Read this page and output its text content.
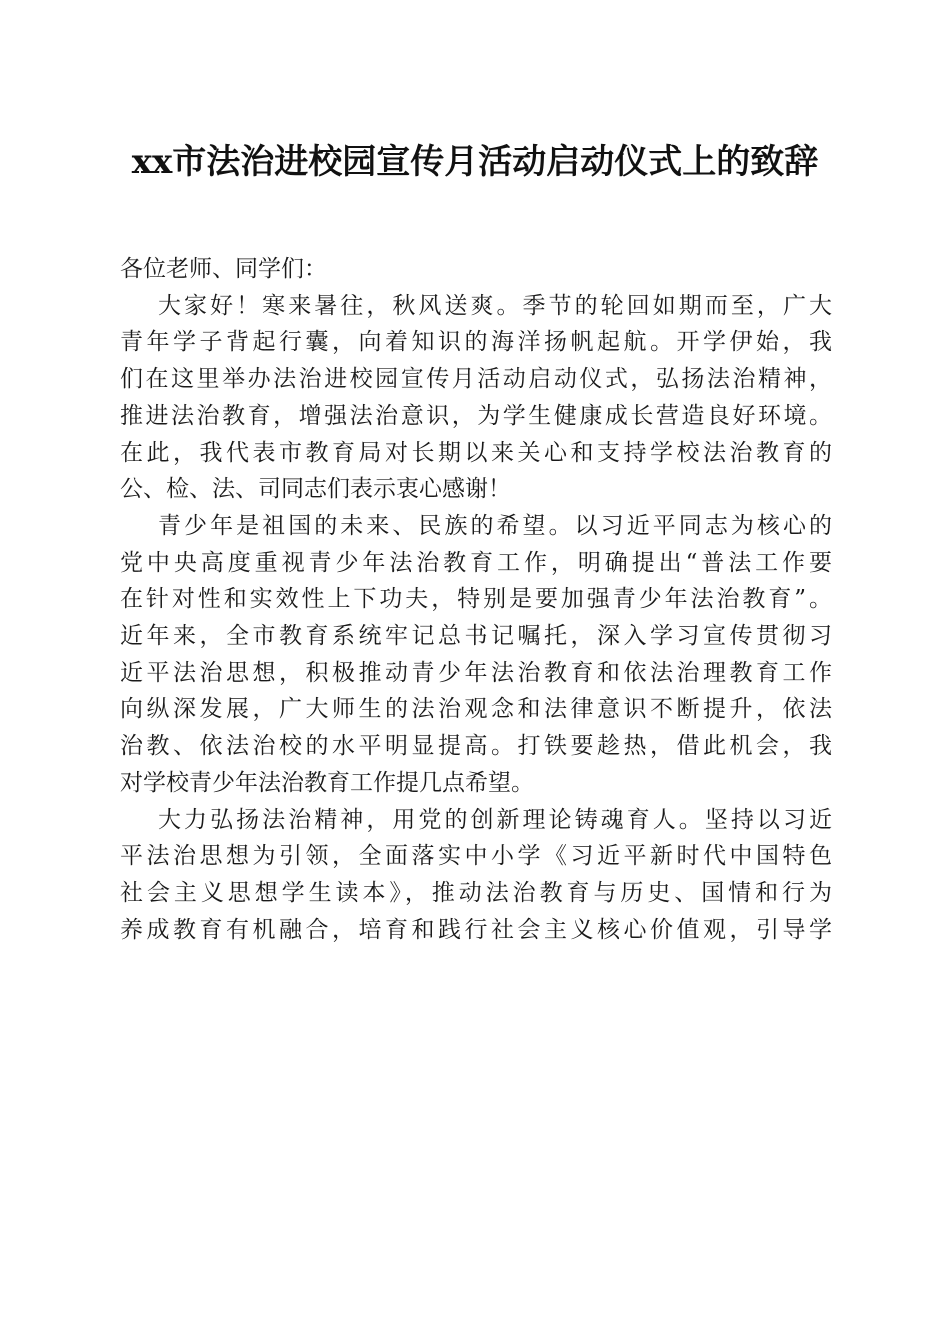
xx市法治进校园宣传月活动启动仪式上的致辞
各位老师、同学们：
大家好！寒来暑往，秋风送爽。季节的轮回如期而至，广大
青年学子背起行囊，向着知识的海洋扬帆起航。开学伊始，我
们在这里举办法治进校园宣传月活动启动仪式，弘扬法治精神，
推进法治教育，增强法治意识，为学生健康成长营造良好环境。
在此，我代表市教育局对长期以来关心和支持学校法治教育的
公、检、法、司同志们表示衷心感谢！
青少年是祖国的未来、民族的希望。以习近平同志为核心的
党中央高度重视青少年法治教育工作，明确提出“普法工作要
在针对性和实效性上下功夫，特别是要加强青少年法治教育”。
近年来，全市教育系统牢记总书记嘱托，深入学习宣传贯彻习
近平法治思想，积极推动青少年法治教育和依法治理教育工作
向纵深发展，广大师生的法治观念和法律意识不断提升，依法
治教、依法治校的水平明显提高。打铁要趁热，借此机会，我
对学校青少年法治教育工作提几点希望。
大力弘扬法治精神，用党的创新理论铸魂育人。坚持以习近
平法治思想为引领，全面落实中小学《习近平新时代中国特色
社会主义思想学生读本》，推动法治教育与历史、国情和行为
养成教育有机融合，培育和践行社会主义核心价值观，引导学
